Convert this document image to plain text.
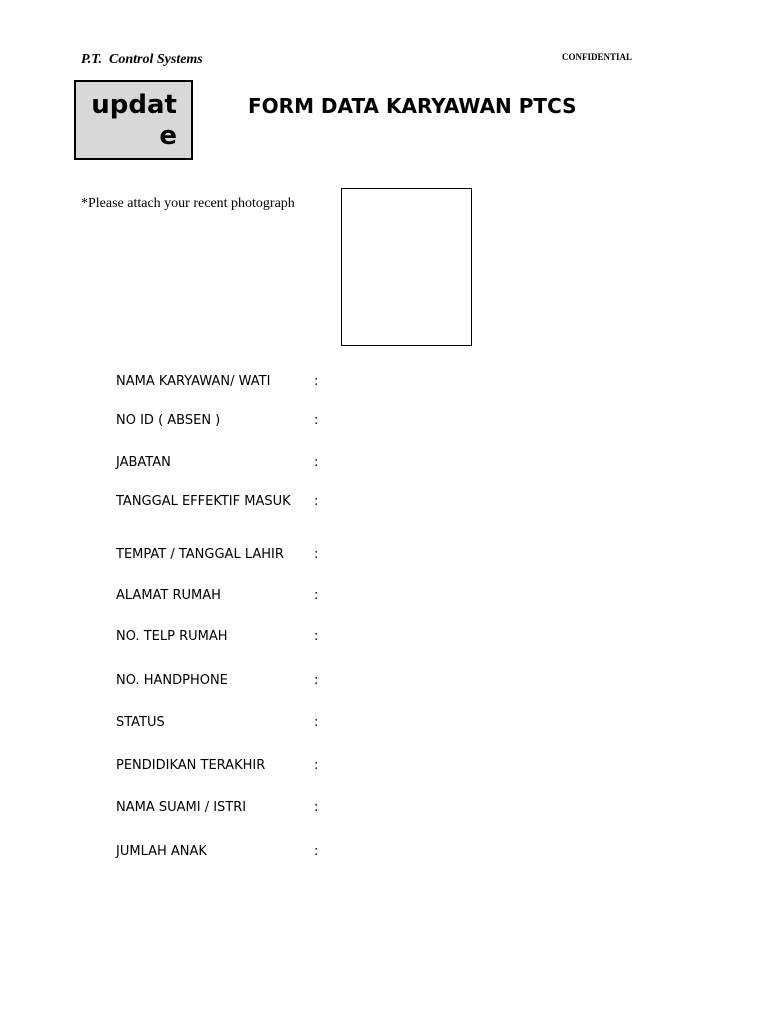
P.T.  Control Systems	CONFIDENTIAL
update
FORM DATA KARYAWAN PTCS
*Please attach your recent photograph
NAMA KARYAWAN/ WATI	:
NO ID ( ABSEN )	:
JABATAN	:
TANGGAL EFFEKTIF MASUK	:
TEMPAT / TANGGAL LAHIR	:
ALAMAT RUMAH	:
NO. TELP RUMAH	:
NO. HANDPHONE	:
STATUS	:
PENDIDIKAN TERAKHIR	:
NAMA SUAMI / ISTRI	:
JUMLAH ANAK	:
